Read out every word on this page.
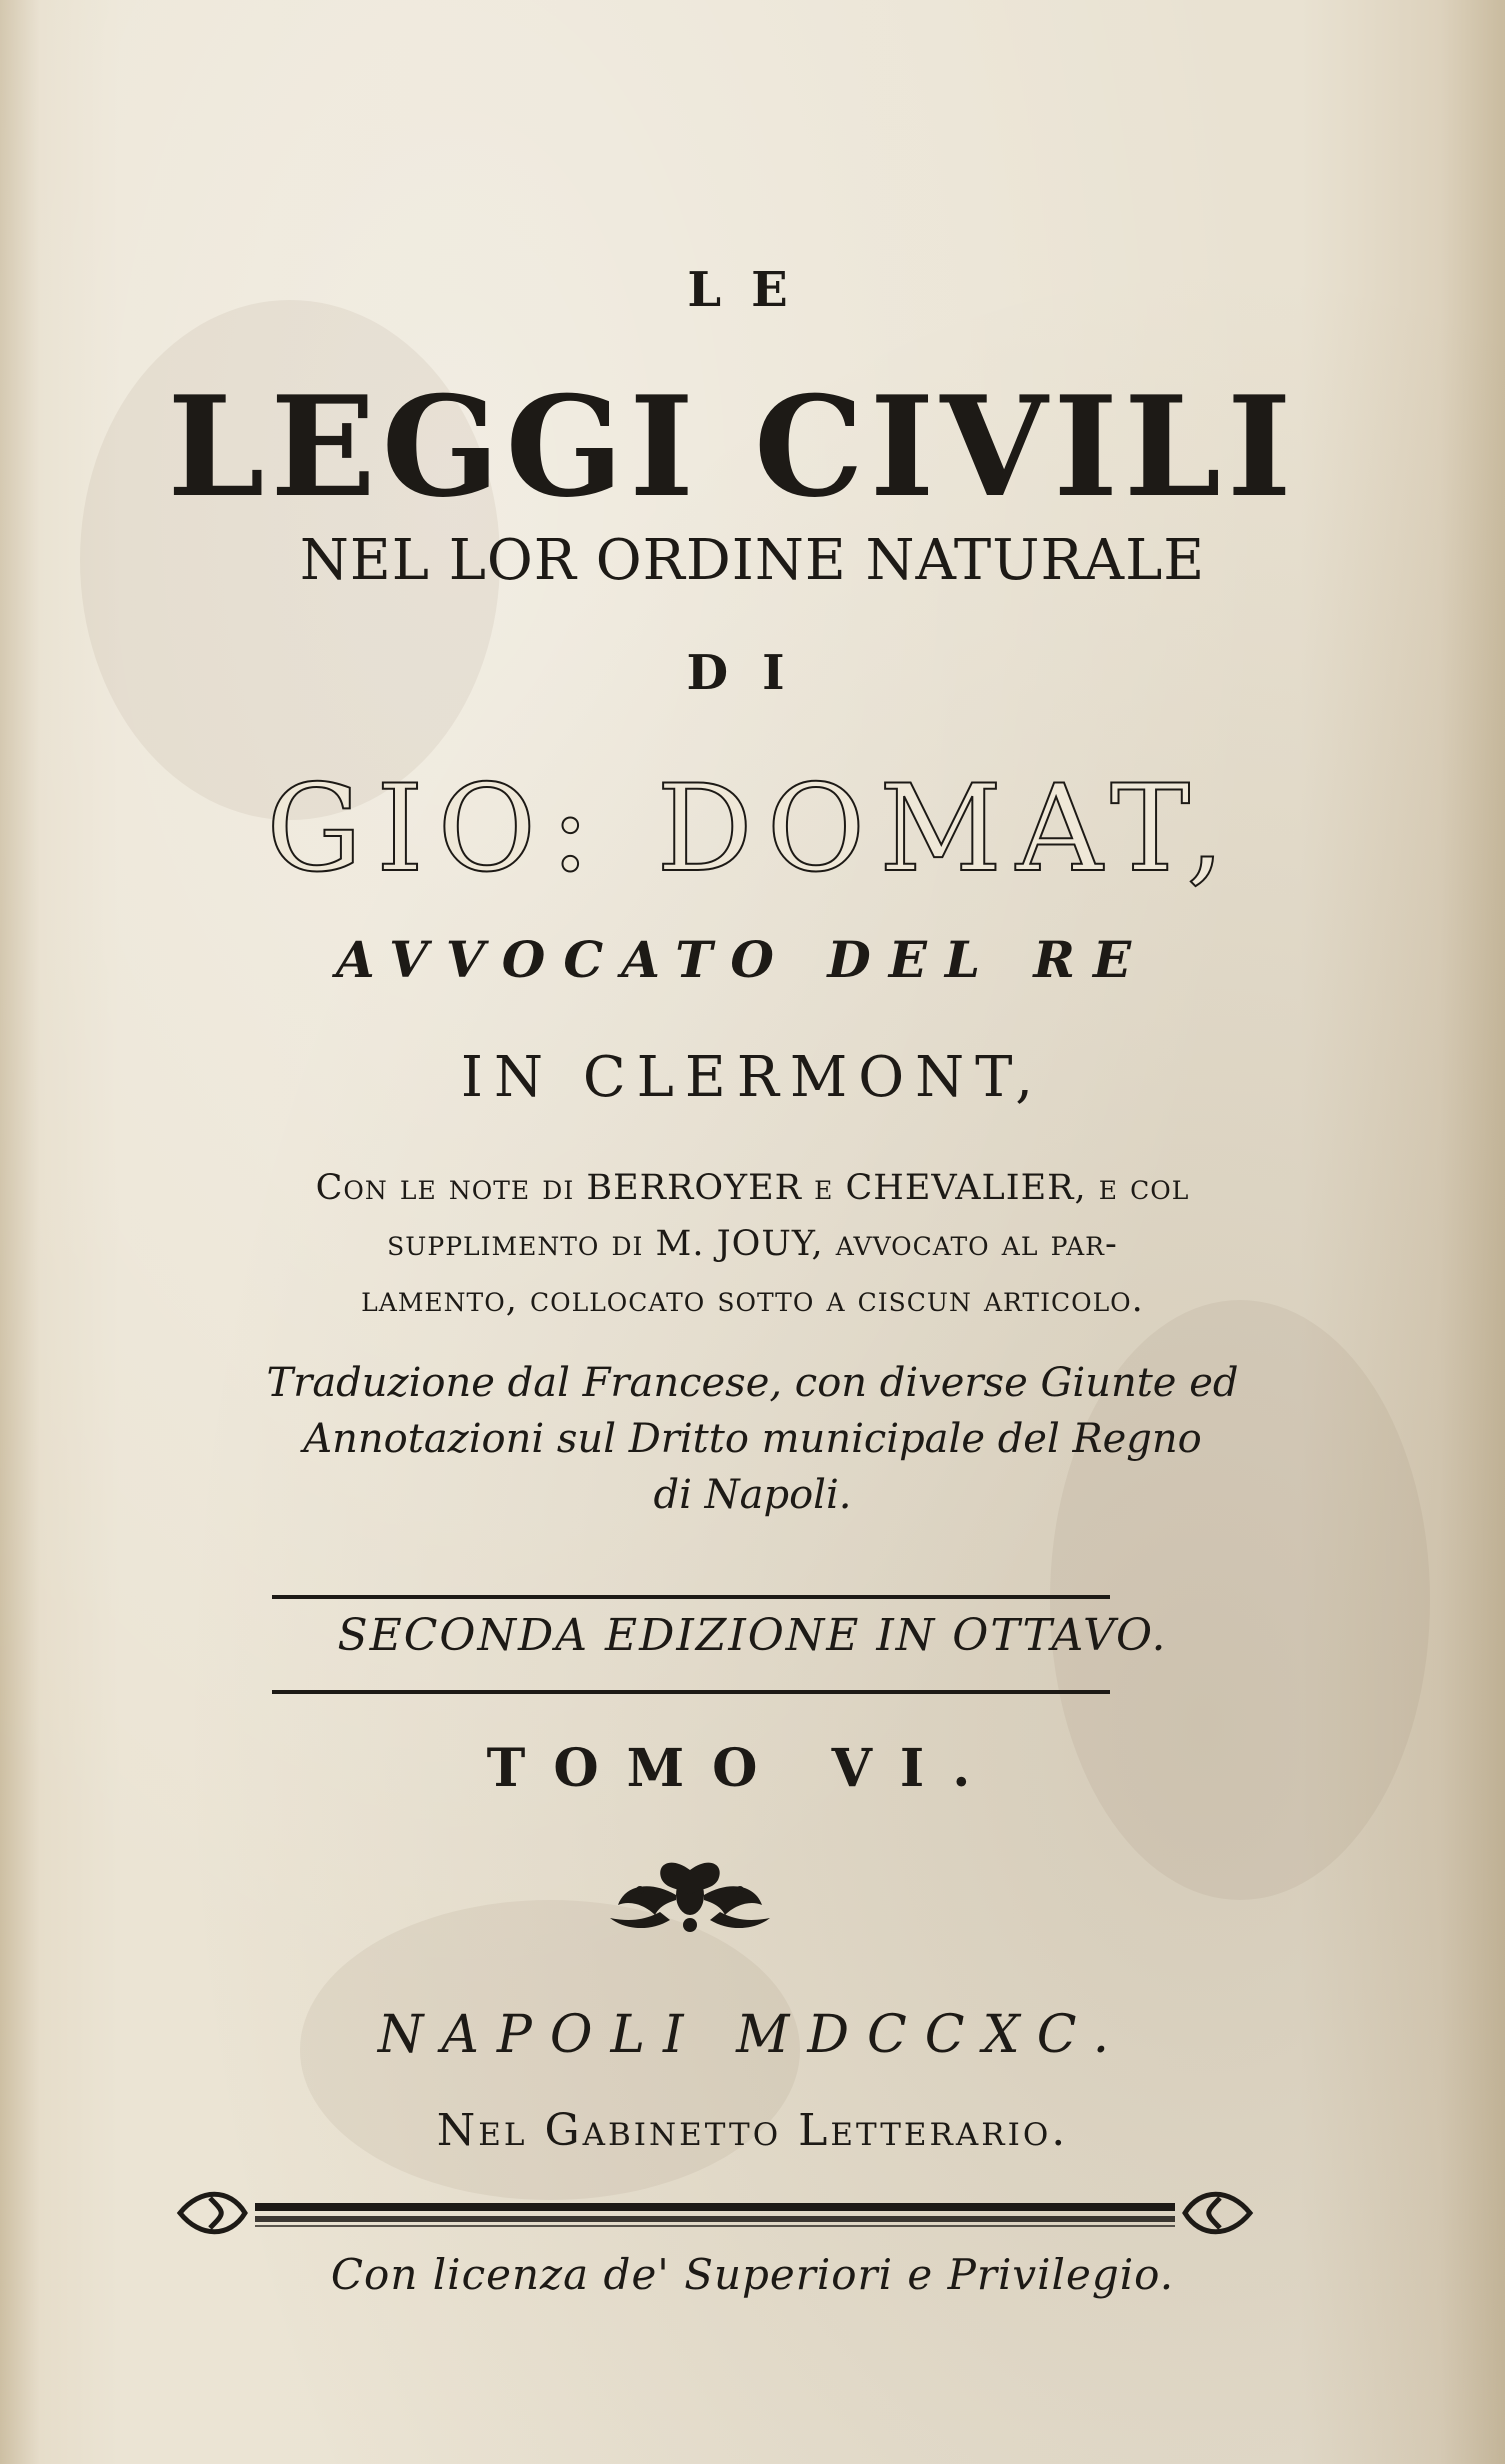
LE
LEGGI CIVILI
NEL LOR ORDINE NATURALE
DI
GIO: DOMAT,
AVVOCATO DEL RE
IN CLERMONT,
Con le note di BERROYER e CHEVALIER, e col
supplimento di M. JOUY, avvocato al par-
lamento, collocato sotto a ciscun articolo.
Traduzione dal Francese, con diverse Giunte ed
Annotazioni sul Dritto municipale del Regno
di Napoli.
SECONDA EDIZIONE IN OTTAVO.
TOMO VI.
NAPOLI MDCCXC.
Nel Gabinetto Letterario.
Con licenza de' Superiori e Privilegio.
